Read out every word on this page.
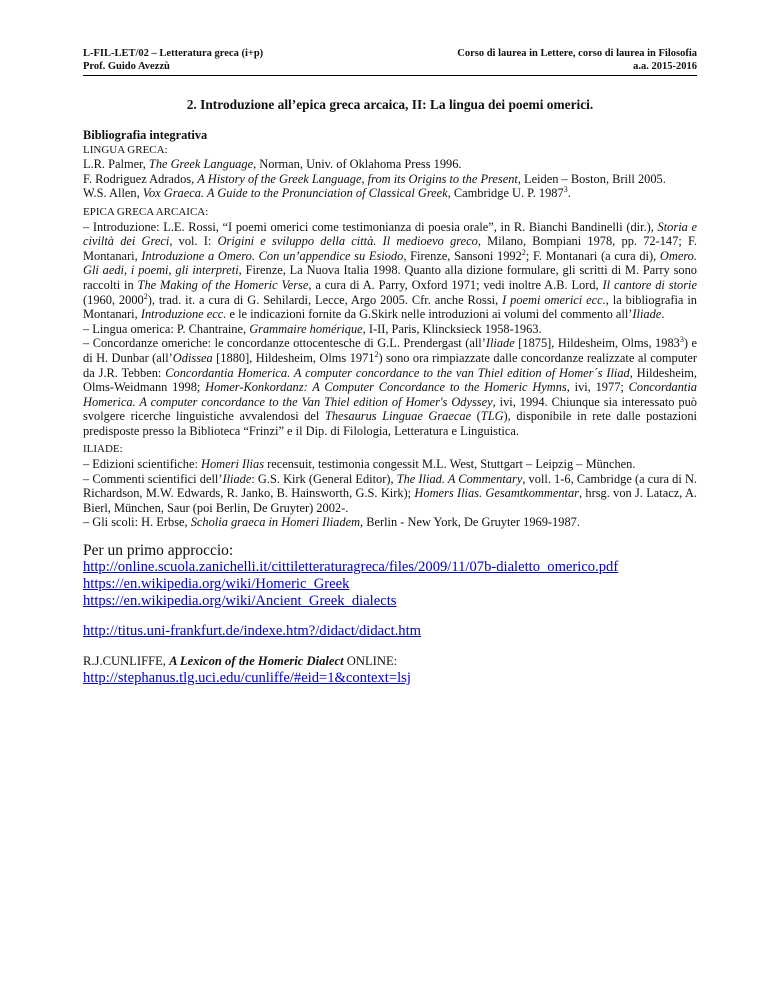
L-FIL-LET/02 – Letteratura greca (i+p)
Prof. Guido Avezzù
Corso di laurea in Lettere, corso di laurea in Filosofia
a.a. 2015-2016
2. Introduzione all’epica greca arcaica, II: La lingua dei poemi omerici.

Bibliografia integrativa

LINGUA GRECA:

L.R. Palmer, The Greek Language, Norman, Univ. of Oklahoma Press 1996.

F. Rodriguez Adrados, A History of the Greek Language, from its Origins to the Present, Leiden – Boston, Brill 2005.

W.S. Allen, Vox Graeca. A Guide to the Pronunciation of Classical Greek, Cambridge U. P. 1987$^3$.

EPICA GRECA ARCAICA:

– Introduzione: L.E. Rossi, “I poemi omerici come testimonianza di poesia orale”, in R. Bianchi Bandinelli (dir.), Storia e civiltà dei Greci, vol. I: Origini e sviluppo della città. Il medioevo greco, Milano, Bompiani 1978, pp. 72-147; F. Montanari, Introduzione a Omero. Con un’appendice su Esiodo, Firenze, Sansoni 1992$^2$; F. Montanari (a cura di), Omero. Gli aedi, i poemi, gli interpreti, Firenze, La Nuova Italia 1998. Quanto alla dizione formulare, gli scritti di M. Parry sono raccolti in The Making of the Homeric Verse, a cura di A. Parry, Oxford 1971; vedi inoltre A.B. Lord, Il cantore di storie (1960, 2000$^2$), trad. it. a cura di G. Sehilardi, Lecce, Argo 2005. Cfr. anche Rossi, I poemi omerici ecc., la bibliografia in Montanari, Introduzione ecc. e le indicazioni fornite da G.Skirk nelle introduzioni ai volumi del commento all’Iliade.

– Lingua omerica: P. Chantraine, Grammaire homérique, I-II, Paris, Klincksieck 1958-1963.

– Concordanze omeriche: le concordanze ottocentesche di G.L. Prendergast (all’Iliade [1875], Hildesheim, Olms, 1983$^3$) e di H. Dunbar (all’Odissea [1880], Hildesheim, Olms 1971$^2$) sono ora rimpiazzate dalle concordanze realizzate al computer da J.R. Tebben: Concordantia Homerica. A computer concordance to the van Thiel edition of Homer´s Iliad, Hildesheim, Olms-Weidmann 1998; Homer-Konkordanz: A Computer Concordance to the Homeric Hymns, ivi, 1977; Concordantia Homerica. A computer concordance to the Van Thiel edition of Homer's Odyssey, ivi, 1994. Chiunque sia interessato può svolgere ricerche linguistiche avvalendosi del Thesaurus Linguae Graecae (TLG), disponibile in rete dalle postazioni predisposte presso la Biblioteca “Frinzi” e il Dip. di Filologia, Letteratura e Linguistica.

ILIADE:

– Edizioni scientifiche: Homeri Ilias recensuit, testimonia congessit M.L. West, Stuttgart – Leipzig – München.

– Commenti scientifici dell’Iliade: G.S. Kirk (General Editor), The Iliad. A Commentary, voll. 1-6, Cambridge (a cura di N. Richardson, M.W. Edwards, R. Janko, B. Hainsworth, G.S. Kirk); Homers Ilias. Gesamtkommentar, hrsg. von J. Latacz, A. Bierl, München, Saur (poi Berlin, De Gruyter) 2002-.

– Gli scoli: H. Erbse, Scholia graeca in Homeri Iliadem, Berlin - New York, De Gruyter 1969-1987.

Per un primo approccio:

http://online.scuola.zanichelli.it/cittiletteraturagreca/files/2009/11/07b-dialetto_omerico.pdf

https://en.wikipedia.org/wiki/Homeric_Greek

https://en.wikipedia.org/wiki/Ancient_Greek_dialects

http://titus.uni-frankfurt.de/indexe.htm?/didact/didact.htm

R.J.CUNLIFFE, A Lexicon of the Homeric Dialect ONLINE:

http://stephanus.tlg.uci.edu/cunliffe/#eid=1&context=lsj
